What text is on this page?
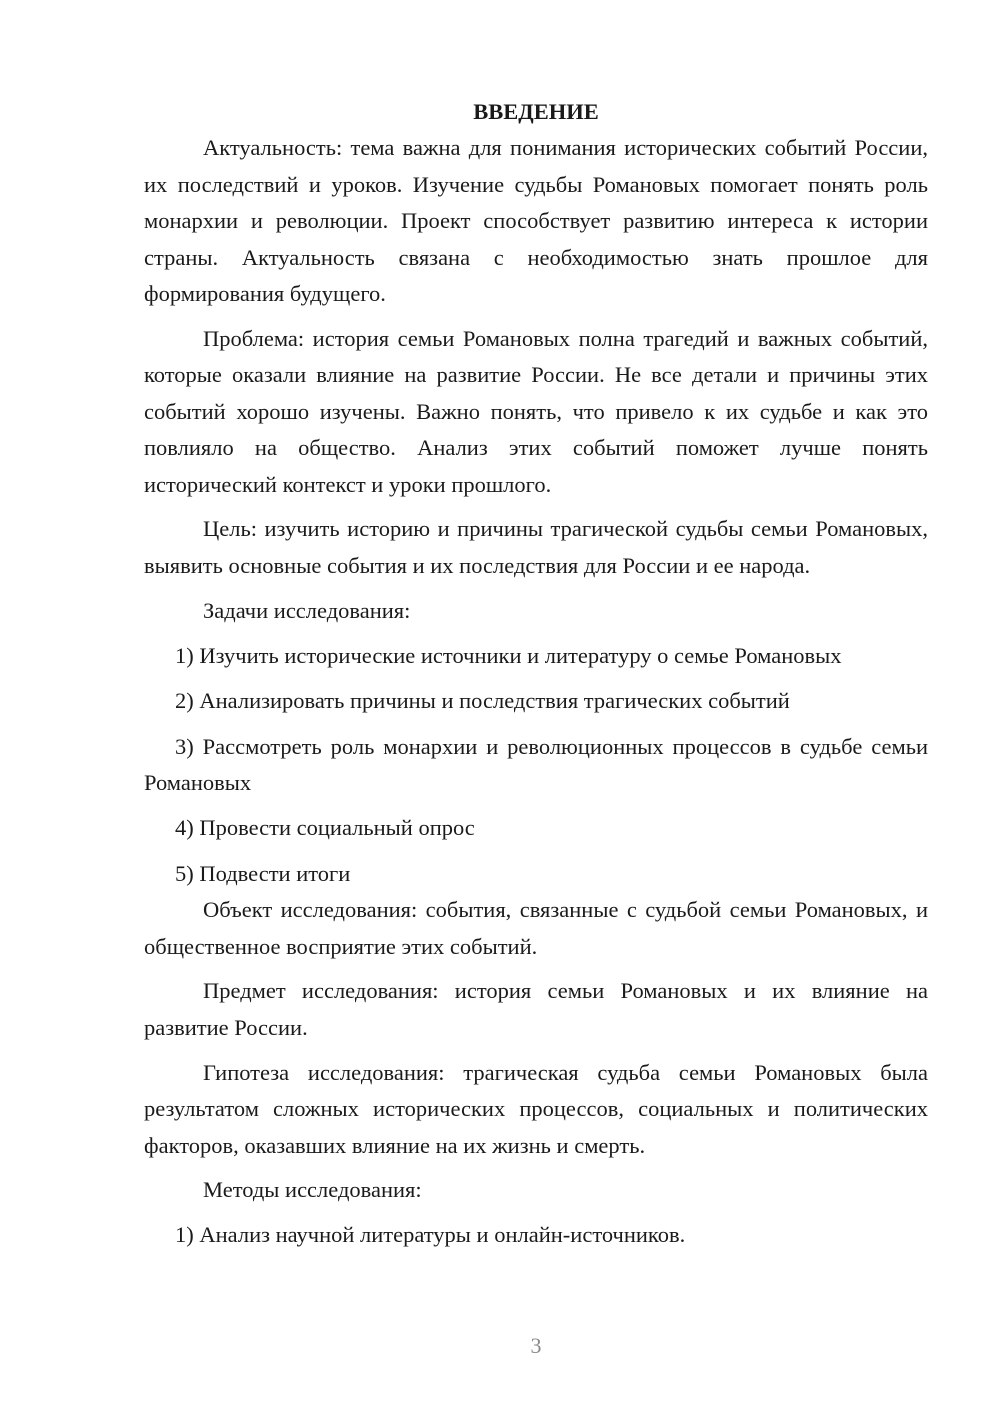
ВВЕДЕНИЕ

Актуальность: тема важна для понимания исторических событий России, их последствий и уроков. Изучение судьбы Романовых помогает понять роль монархии и революции. Проект способствует развитию интереса к истории страны. Актуальность связана с необходимостью знать прошлое для формирования будущего.

Проблема: история семьи Романовых полна трагедий и важных событий, которые оказали влияние на развитие России. Не все детали и причины этих событий хорошо изучены. Важно понять, что привело к их судьбе и как это повлияло на общество. Анализ этих событий поможет лучше понять исторический контекст и уроки прошлого.

Цель: изучить историю и причины трагической судьбы семьи Романовых, выявить основные события и их последствия для России и ее народа.

Задачи исследования:

1) Изучить исторические источники и литературу о семье Романовых

2) Анализировать причины и последствия трагических событий

3) Рассмотреть роль монархии и революционных процессов в судьбе семьи Романовых

4) Провести социальный опрос

5) Подвести итоги

Объект исследования: события, связанные с судьбой семьи Романовых, и общественное восприятие этих событий.

Предмет исследования: история семьи Романовых и их влияние на развитие России.

Гипотеза исследования: трагическая судьба семьи Романовых была результатом сложных исторических процессов, социальных и политических факторов, оказавших влияние на их жизнь и смерть.

Методы исследования:

1) Анализ научной литературы и онлайн-источников.

3
